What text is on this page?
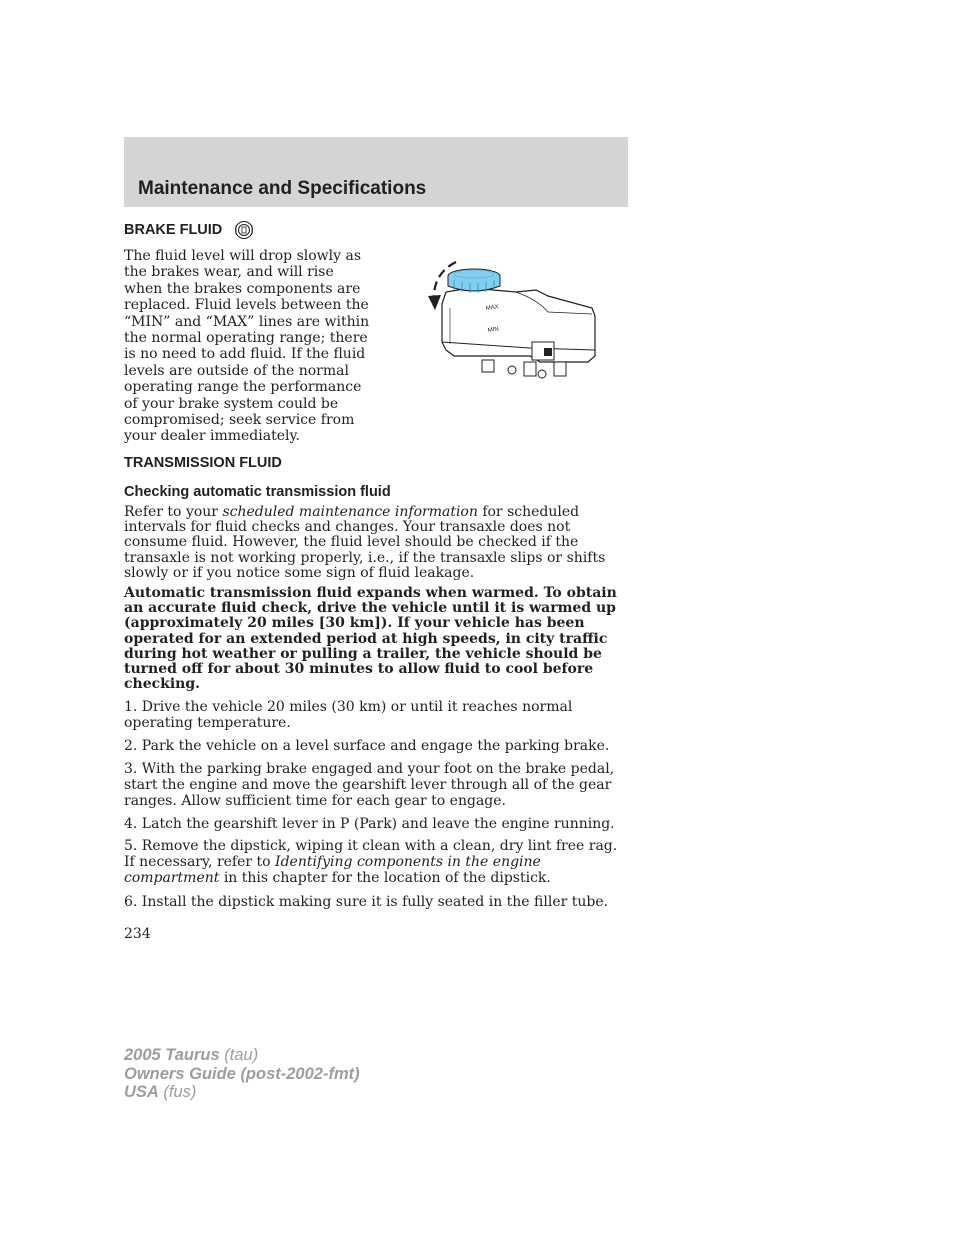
Maintenance and Specifications
BRAKE FLUID
The fluid level will drop slowly as the brakes wear, and will rise when the brakes components are replaced. Fluid levels between the “MIN” and “MAX” lines are within the normal operating range; there is no need to add fluid. If the fluid levels are outside of the normal operating range the performance of your brake system could be compromised; seek service from your dealer immediately.
MAX
MIN
TRANSMISSION FLUID
Checking automatic transmission fluid
Refer to your scheduled maintenance information for scheduled intervals for fluid checks and changes. Your transaxle does not consume fluid. However, the fluid level should be checked if the transaxle is not working properly, i.e., if the transaxle slips or shifts slowly or if you notice some sign of fluid leakage.
Automatic transmission fluid expands when warmed. To obtain an accurate fluid check, drive the vehicle until it is warmed up (approximately 20 miles [30 km]). If your vehicle has been operated for an extended period at high speeds, in city traffic during hot weather or pulling a trailer, the vehicle should be turned off for about 30 minutes to allow fluid to cool before checking.
1. Drive the vehicle 20 miles (30 km) or until it reaches normal operating temperature.
2. Park the vehicle on a level surface and engage the parking brake.
3. With the parking brake engaged and your foot on the brake pedal, start the engine and move the gearshift lever through all of the gear ranges. Allow sufficient time for each gear to engage.
4. Latch the gearshift lever in P (Park) and leave the engine running.
5. Remove the dipstick, wiping it clean with a clean, dry lint free rag. If necessary, refer to Identifying components in the engine compartment in this chapter for the location of the dipstick.
6. Install the dipstick making sure it is fully seated in the filler tube.
234
2005 Taurus (tau)
Owners Guide (post-2002-fmt)
USA (fus)
